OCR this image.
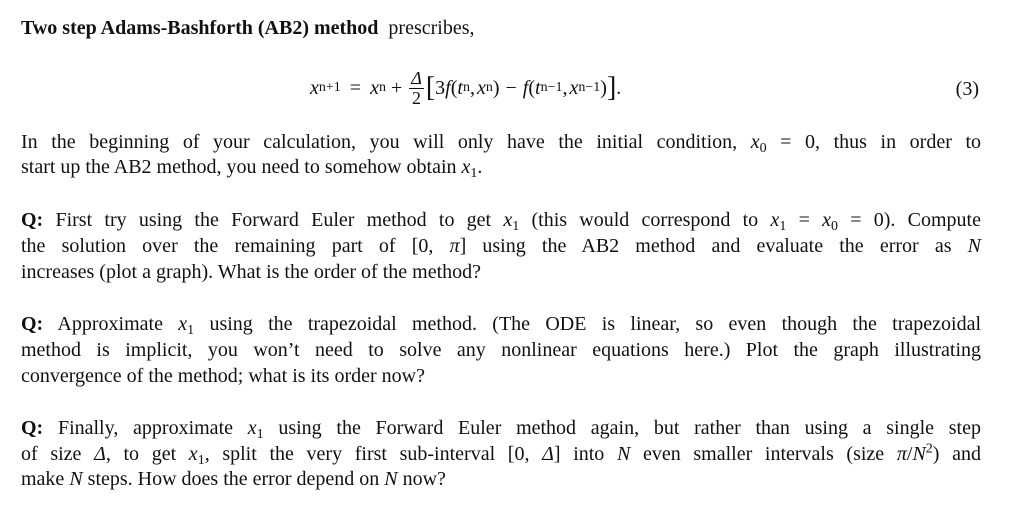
Two step Adams-Bashforth (AB2) method prescribes,
x n+1 = x $n + \frac{\Delta}{2}$ [ 3 f ( t n , x n ) − f ( t n−1 , x n−1 ) ] .	(3)
In the beginning of your calculation, you will only have the initial condition, $x_0 = 0$, thus in order to
start up the AB2 method, you need to somehow obtain $x_1$.
Q: First try using the Forward Euler method to get $x_1$ (this would correspond to $x_1 = x_0 = 0$). Compute
the solution over the remaining part of [0, π] using the AB2 method and evaluate the error as N
increases (plot a graph). What is the order of the method?
Q: Approximate $x_1$ using the trapezoidal method. (The ODE is linear, so even though the trapezoidal
method is implicit, you won’t need to solve any nonlinear equations here.) Plot the graph illustrating
convergence of the method; what is its order now?
Q: Finally, approximate $x_1$ using the Forward Euler method again, but rather than using a single step
of size Δ, to get $x_1$, split the very first sub-interval [0, Δ] into N even smaller intervals (size $\pi/N^2$) and
make N steps. How does the error depend on N now?
